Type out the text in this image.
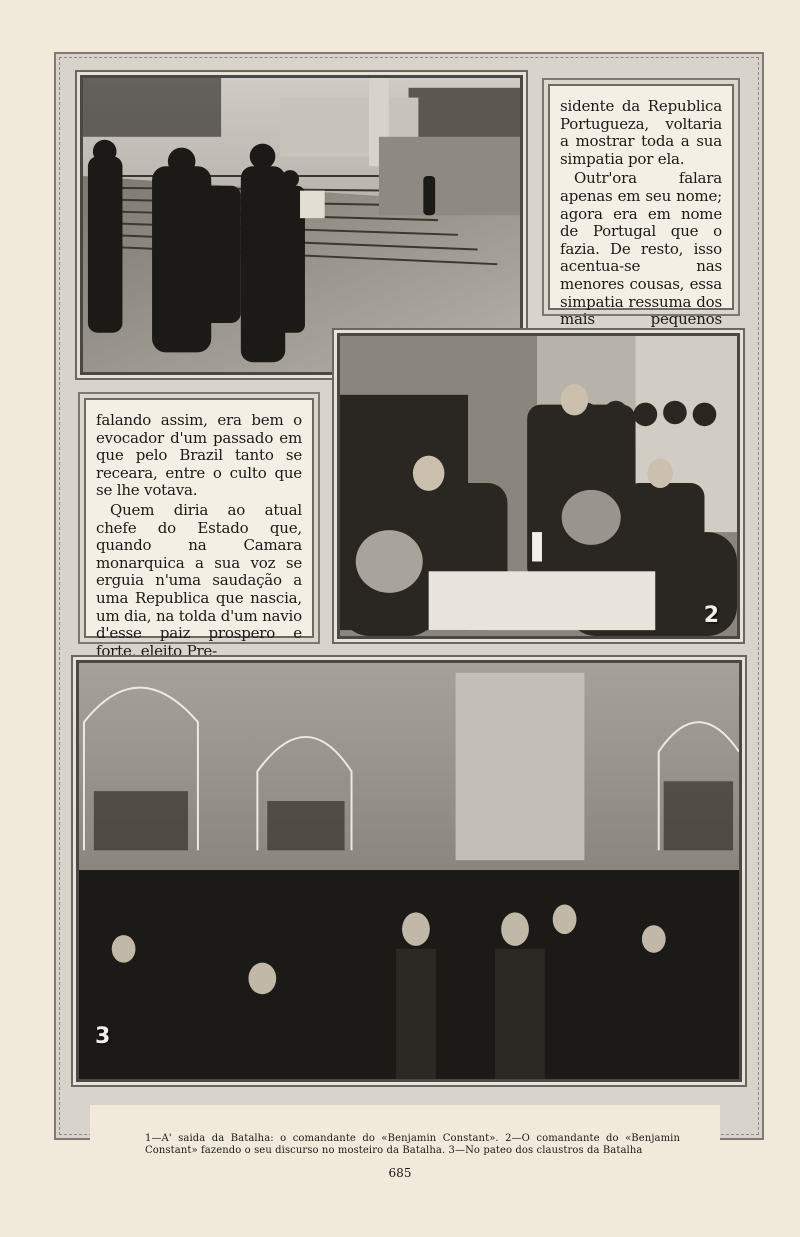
sidente da Republica Portugueza, voltaria a mostrar toda a sua simpatia por ela.

Outr'ora falara apenas em seu nome; agora era em nome de Portugal que o fazia. De resto, isso acentua-se nas menores cousas, essa simpatia ressuma dos mais pequenos

falando assim, era bem o evocador d'um passado em que pelo Brazil tanto se receara, entre o culto que se lhe votava.

Quem diria ao atual chefe do Estado que, quando na Camara monarquica a sua voz se erguia n'uma saudação a uma Republica que nascia, um dia, na tolda d'um navio d'esse paiz prospero e forte, eleito Pre-

2
3
1—A' saida da Batalha: o comandante do «Benjamin Constant». 2—O comandante do «Benjamin Constant» fazendo o seu discurso no mosteiro da Batalha. 3—No pateo dos claustros da Batalha
685
